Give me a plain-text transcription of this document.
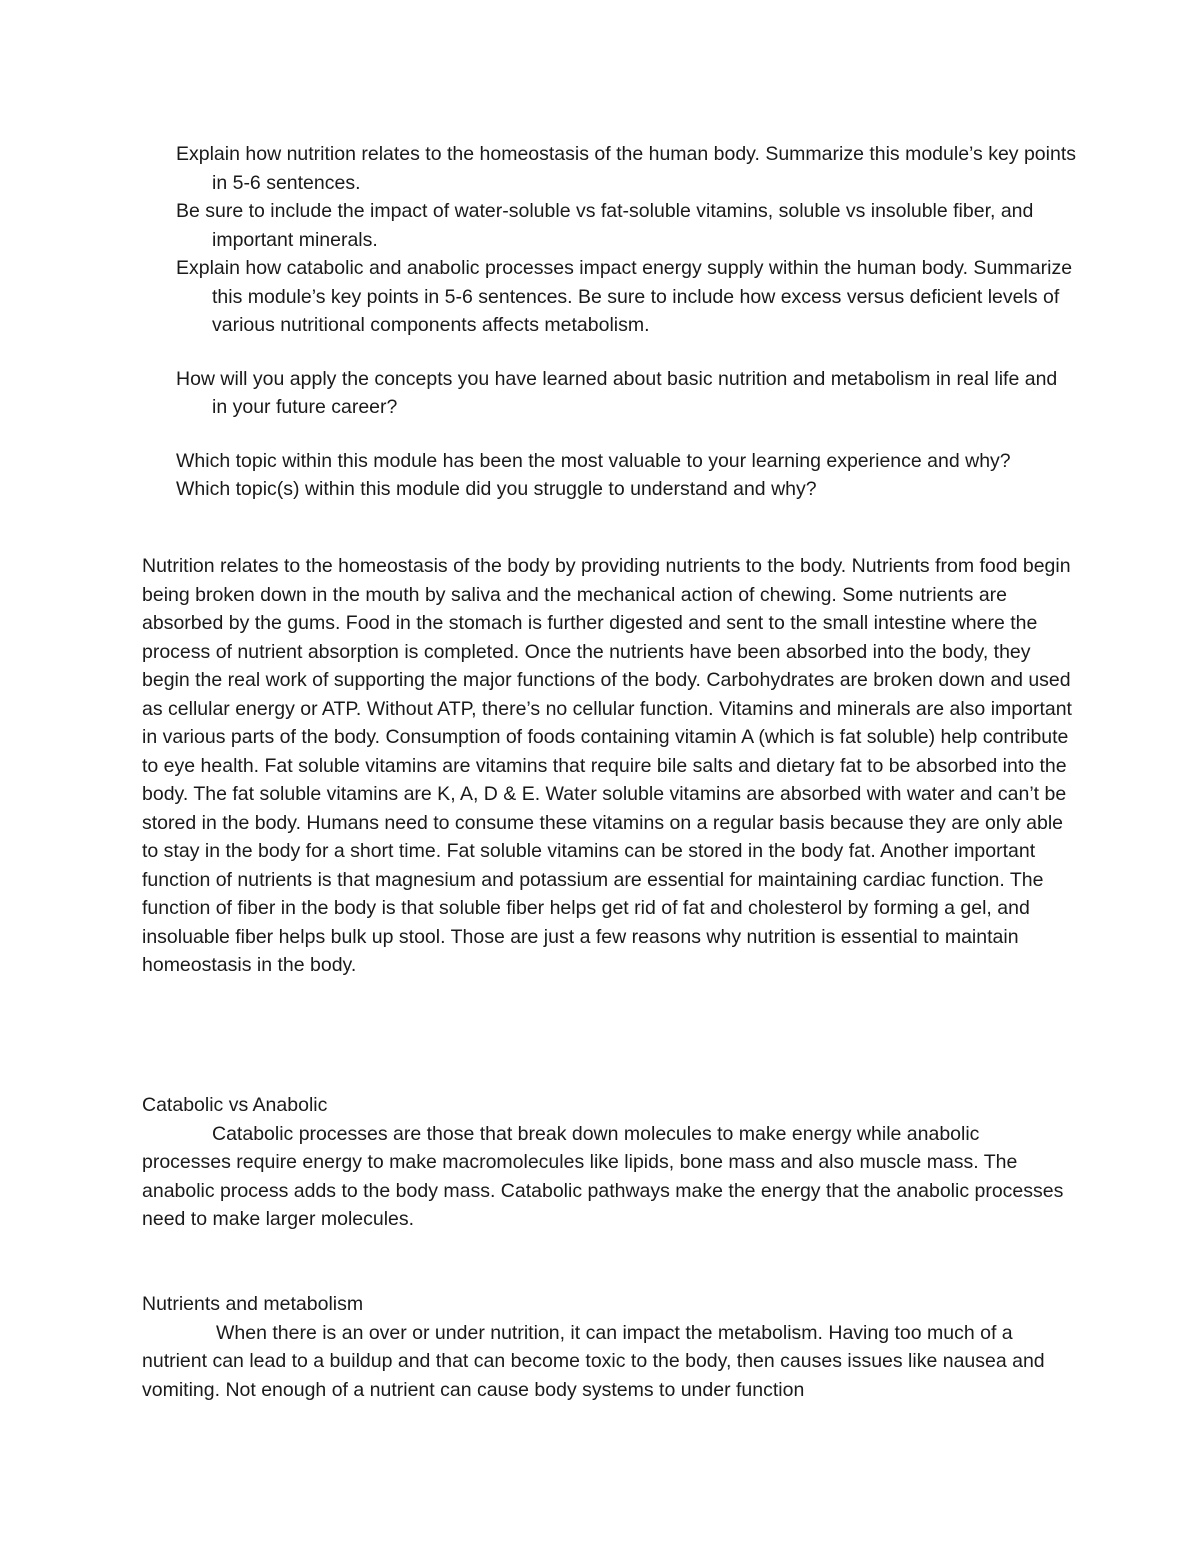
Explain how nutrition relates to the homeostasis of the human body. Summarize this module’s key points in 5-6 sentences.

Be sure to include the impact of water-soluble vs fat-soluble vitamins, soluble vs insoluble fiber, and important minerals.

Explain how catabolic and anabolic processes impact energy supply within the human body. Summarize this module’s key points in 5-6 sentences. Be sure to include how excess versus deficient levels of various nutritional components affects metabolism.

How will you apply the concepts you have learned about basic nutrition and metabolism in real life and in your future career?

Which topic within this module has been the most valuable to your learning experience and why?

Which topic(s) within this module did you struggle to understand and why?

Nutrition relates to the homeostasis of the body by providing nutrients to the body. Nutrients from food begin being broken down in the mouth by saliva and the mechanical action of chewing. Some nutrients are absorbed by the gums. Food in the stomach is further digested and sent to the small intestine where the process of nutrient absorption is completed. Once the nutrients have been absorbed into the body, they begin the real work of supporting the major functions of the body. Carbohydrates are broken down and used as cellular energy or ATP. Without ATP, there’s no cellular function. Vitamins and minerals are also important in various parts of the body. Consumption of foods containing vitamin A (which is fat soluble) help contribute to eye health. Fat soluble vitamins are vitamins that require bile salts and dietary fat to be absorbed into the body. The fat soluble vitamins are K, A, D & E. Water soluble vitamins are absorbed with water and can’t be stored in the body. Humans need to consume these vitamins on a regular basis because they are only able to stay in the body for a short time. Fat soluble vitamins can be stored in the body fat. Another important function of nutrients is that magnesium and potassium are essential for maintaining cardiac function. The function of fiber in the body is that soluble fiber helps get rid of fat and cholesterol by forming a gel, and insoluable fiber helps bulk up stool. Those are just a few reasons why nutrition is essential to maintain homeostasis in the body.

Catabolic vs Anabolic

Catabolic processes are those that break down molecules to make energy while anabolic processes require energy to make macromolecules like lipids, bone mass and also muscle mass. The anabolic process adds to the body mass. Catabolic pathways make the energy that the anabolic processes need to make larger molecules.

Nutrients and metabolism

When there is an over or under nutrition, it can impact the metabolism. Having too much of a nutrient can lead to a buildup and that can become toxic to the body, then causes issues like nausea and vomiting. Not enough of a nutrient can cause body systems to under function
